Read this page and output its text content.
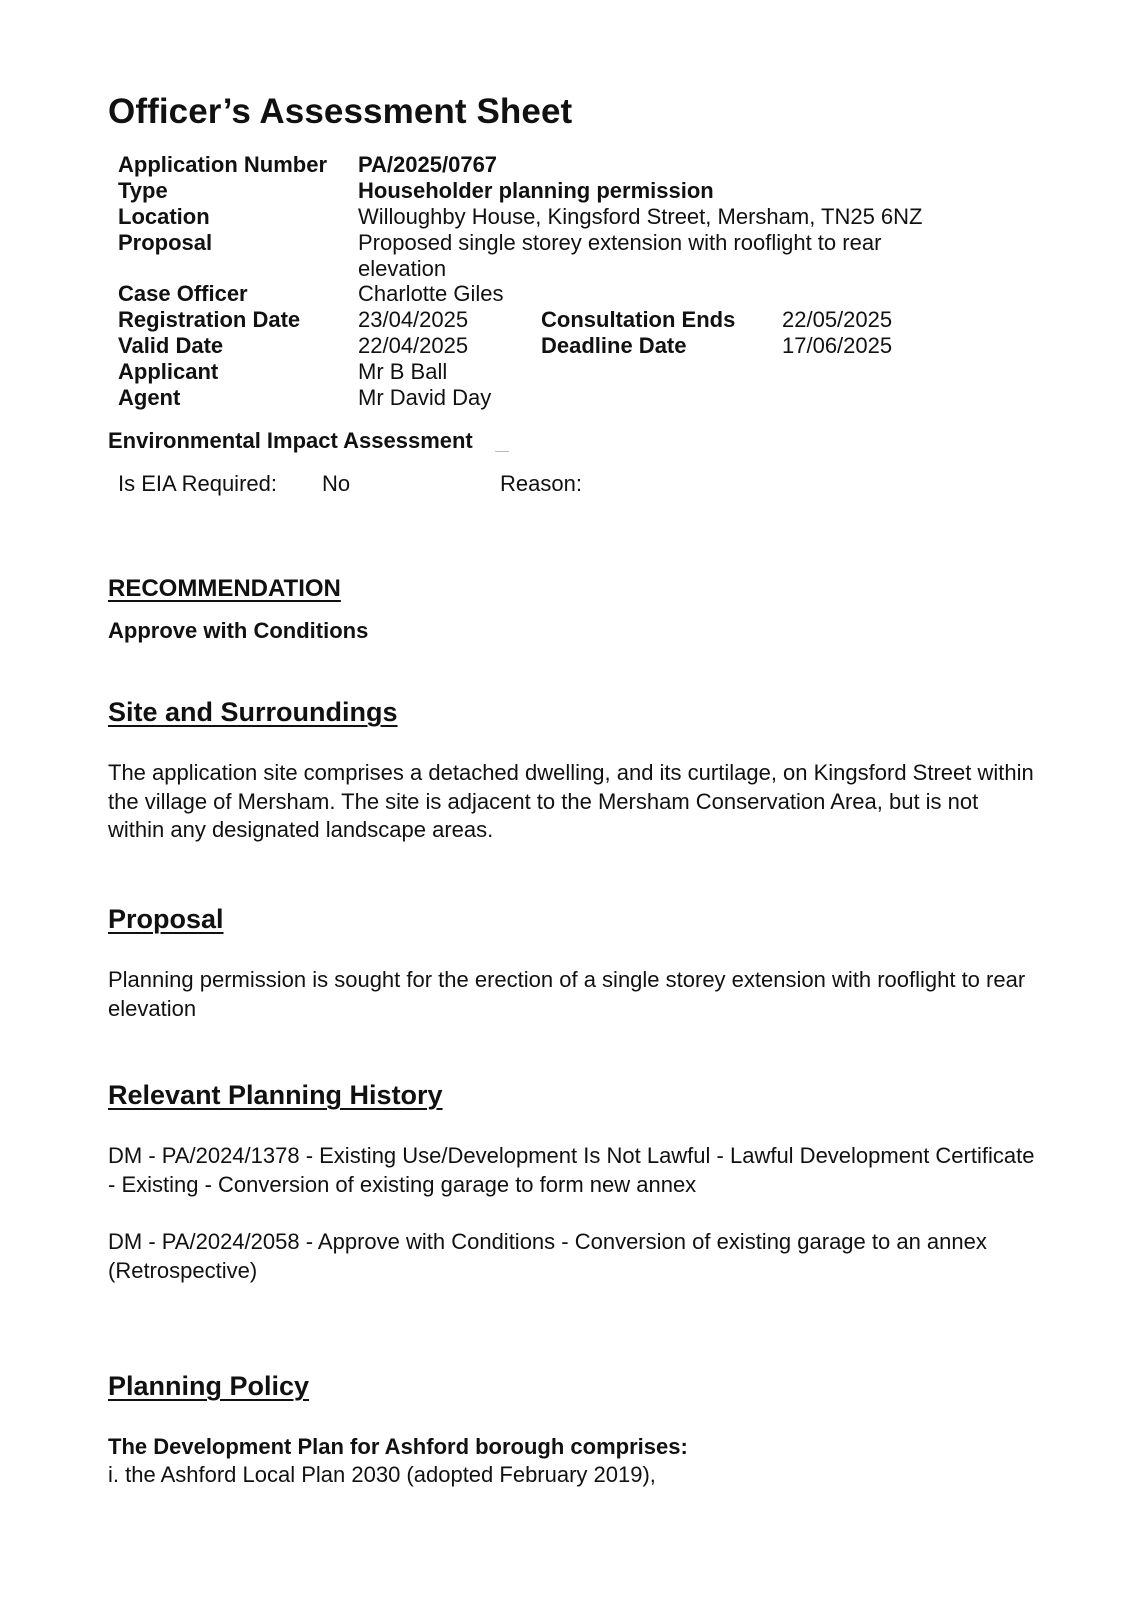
Officer’s Assessment Sheet
Application Number PA/2025/0767
Type	Householder planning permission
Location	Willoughby House, Kingsford Street, Mersham, TN25 6NZ
Proposal	Proposed single storey extension with rooflight to rear
elevation
Case Officer	Charlotte Giles
Registration Date	23/04/2025	Consultation Ends 22/05/2025
Valid Date	22/04/2025	Deadline Date	17/06/2025
Applicant	Mr B Ball
Agent	Mr David Day
Environmental Impact Assessment
Is EIA Required: No	Reason:
RECOMMENDATION

Approve with Conditions

Site and Surroundings

The application site comprises a detached dwelling, and its curtilage, on Kingsford Street within the village of Mersham. The site is adjacent to the Mersham Conservation Area, but is not within any designated landscape areas.

Proposal

Planning permission is sought for the erection of a single storey extension with rooflight to rear elevation

Relevant Planning History

DM - PA/2024/1378 - Existing Use/Development Is Not Lawful - Lawful Development Certificate - Existing - Conversion of existing garage to form new annex

DM - PA/2024/2058 - Approve with Conditions - Conversion of existing garage to an annex (Retrospective)

Planning Policy

The Development Plan for Ashford borough comprises:

i. the Ashford Local Plan 2030 (adopted February 2019),
